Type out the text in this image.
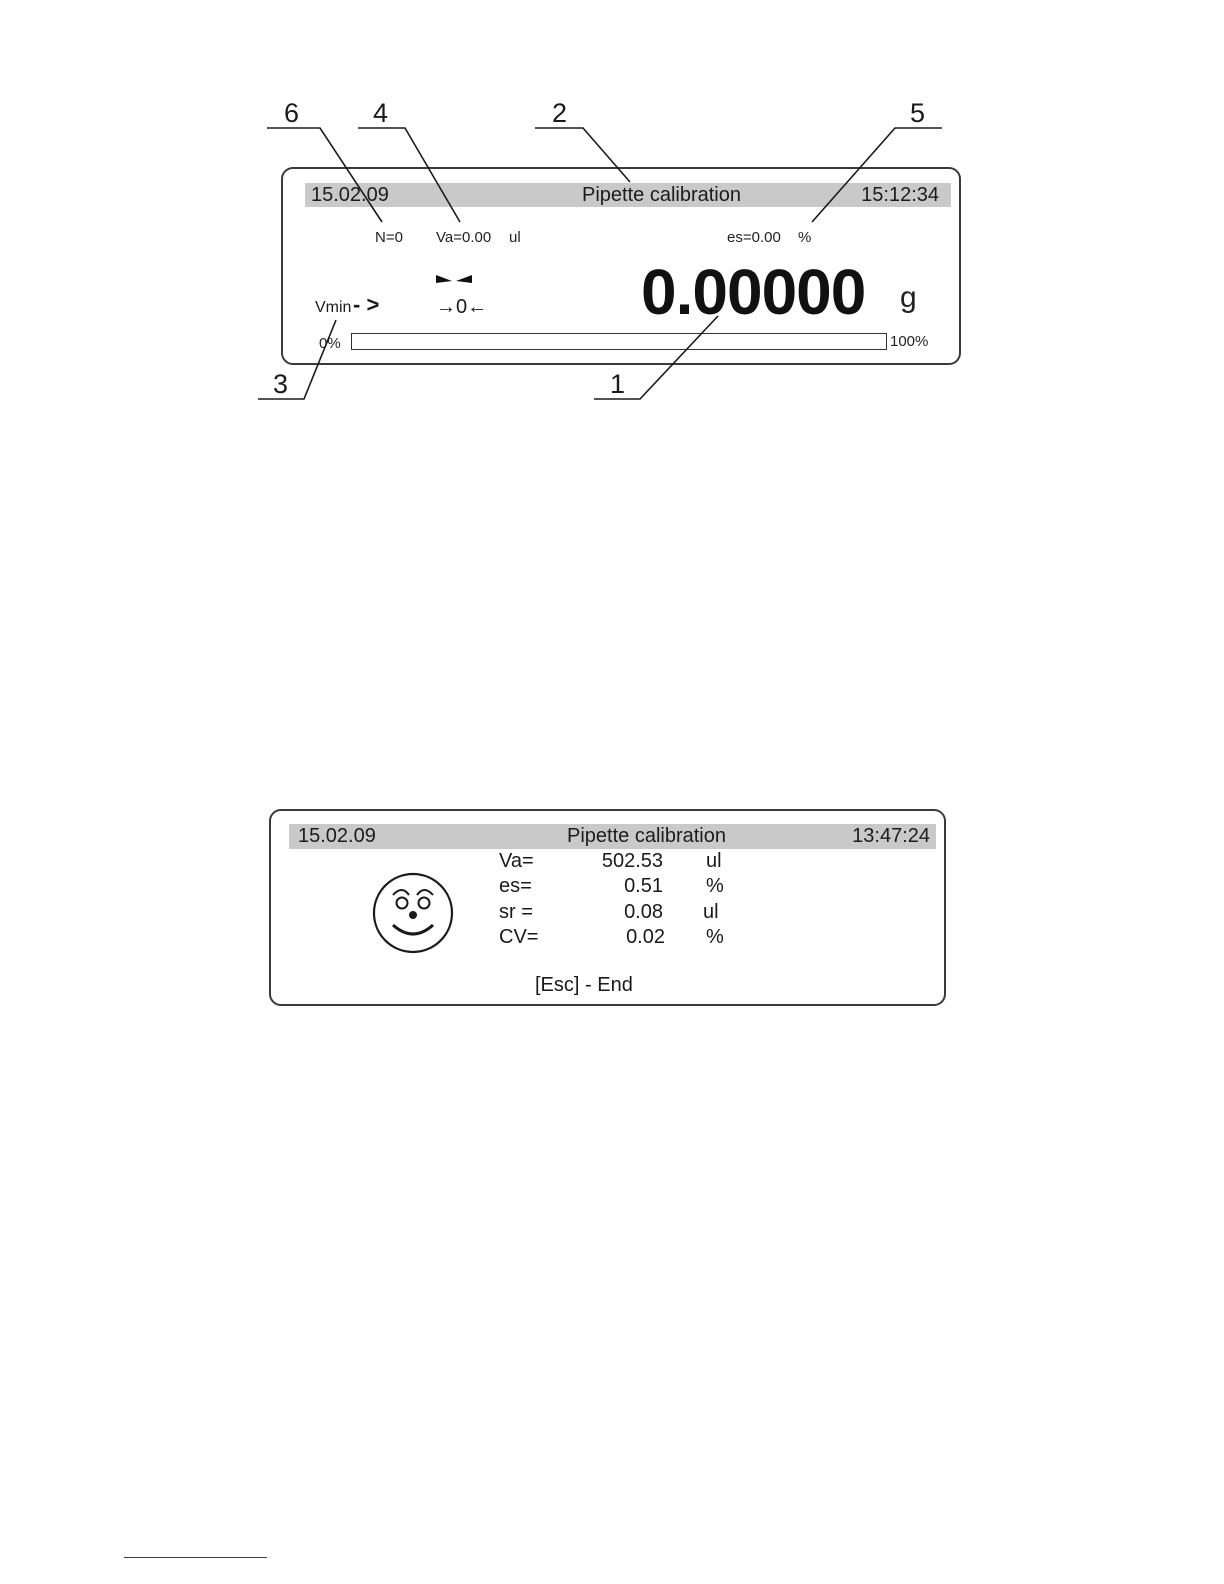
6	4	2	5
3	1
15.02.09	Pipette calibration	15:12:34
N=0 Va=0.00 ul	es=0.00 %
Vmin - >	→0← 0.00000 g
0%	100%
15.02.09	Pipette calibration	13:47:24
Va=	502.53 ul
es=	0.51 %
sr =	0.08 ul
CV=	0.02 %
[Esc] - End
